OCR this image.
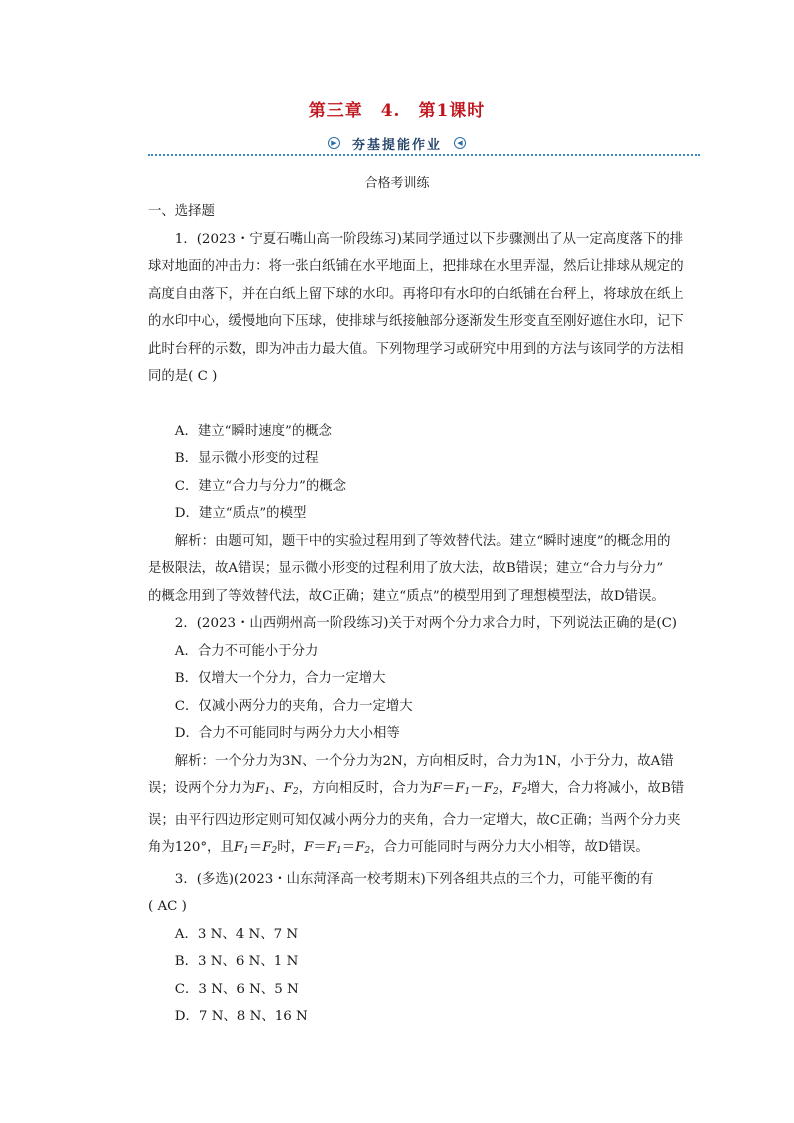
第三章　4.　第1课时
▶ 夯基提能作业	◀
合格考训练

一、选择题

1．(2023・宁夏石嘴山高一阶段练习)某同学通过以下步骤测出了从一定高度落下的排

球对地面的冲击力：将一张白纸铺在水平地面上，把排球在水里弄湿，然后让排球从规定的

高度自由落下，并在白纸上留下球的水印。再将印有水印的白纸铺在台秤上，将球放在纸上

的水印中心，缓慢地向下压球，使排球与纸接触部分逐渐发生形变直至刚好遮住水印，记下

此时台秤的示数，即为冲击力最大值。下列物理学习或研究中用到的方法与该同学的方法相

同的是( C )

A．建立“瞬时速度”的概念

B．显示微小形变的过程

C．建立“合力与分力”的概念

D．建立“质点”的模型

解析：由题可知，题干中的实验过程用到了等效替代法。建立“瞬时速度”的概念用的

是极限法，故A错误；显示微小形变的过程利用了放大法，故B错误；建立“合力与分力”

的概念用到了等效替代法，故C正确；建立“质点”的模型用到了理想模型法，故D错误。

2．(2023・山西朔州高一阶段练习)关于对两个分力求合力时，下列说法正确的是(C)

A．合力不可能小于分力

B．仅增大一个分力，合力一定增大

C．仅减小两分力的夹角，合力一定增大

D．合力不可能同时与两分力大小相等

解析：一个分力为3N、一个分力为2N，方向相反时，合力为1N，小于分力，故A错

误；设两个分力为$F_1$、$F_2$，方向相反时，合力为$F=F_1-F_2$，$F_2$增大，合力将减小，故B错

误；由平行四边形定则可知仅减小两分力的夹角，合力一定增大，故C正确；当两个分力夹

角为120°，且$F_1=F_2$时，$F=F_1=F_2$，合力可能同时与两分力大小相等，故D错误。

3．(多选)(2023・山东菏泽高一校考期末)下列各组共点的三个力，可能平衡的有

( AC )

A．3 N、4 N、7 N

B．3 N、6 N、1 N

C．3 N、6 N、5 N

D．7 N、8 N、16 N
